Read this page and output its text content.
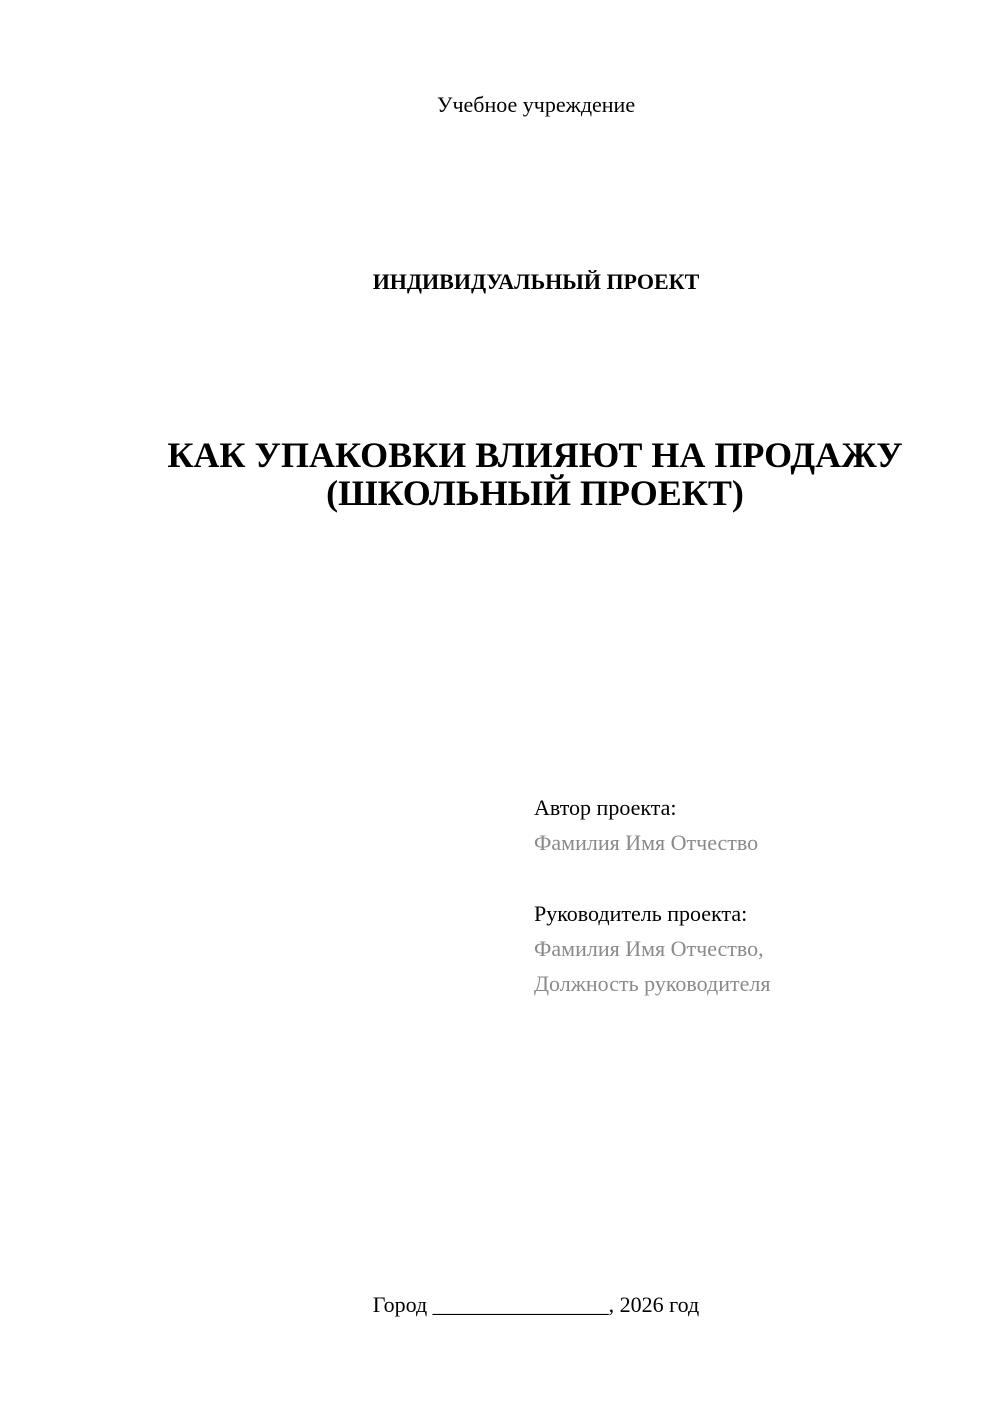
Учебное учреждение
ИНДИВИДУАЛЬНЫЙ ПРОЕКТ
КАК УПАКОВКИ ВЛИЯЮТ НА ПРОДАЖУ (ШКОЛЬНЫЙ ПРОЕКТ)
Автор проекта:
Фамилия Имя Отчество
Руководитель проекта:
Фамилия Имя Отчество,
Должность руководителя
Город ________________, 2026 год
